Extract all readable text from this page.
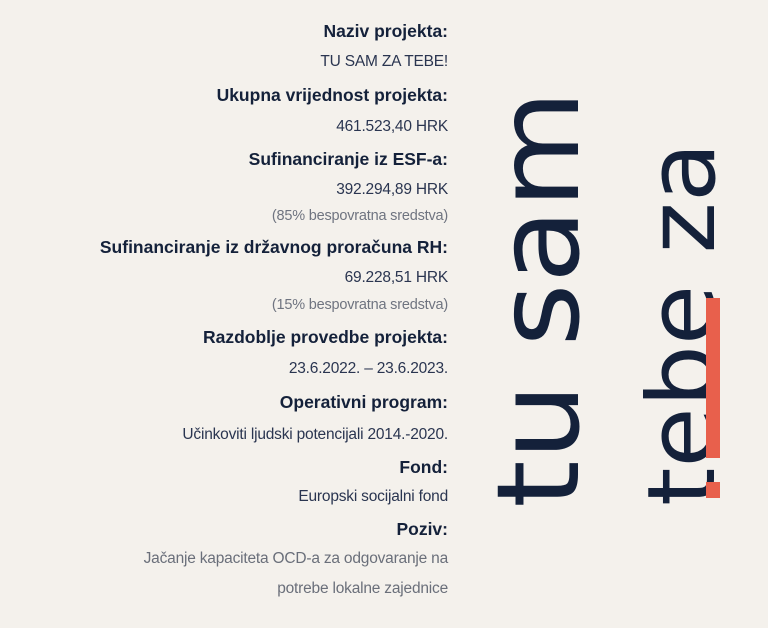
Naziv projekta:
TU SAM ZA TEBE!
Ukupna vrijednost projekta:
461.523,40 HRK
Sufinanciranje iz ESF-a:
392.294,89 HRK
(85% bespovratna sredstva)
Sufinanciranje iz državnog proračuna RH:
69.228,51 HRK
(15% bespovratna sredstva)
Razdoblje provedbe projekta:
23.6.2022. – 23.6.2023.
Operativni program:
Učinkoviti ljudski potencijali 2014.-2020.
Fond:
Europski socijalni fond
Poziv:
Jačanje kapaciteta OCD-a za odgovaranje na
potrebe lokalne zajednice
tusam
tebeza
!
